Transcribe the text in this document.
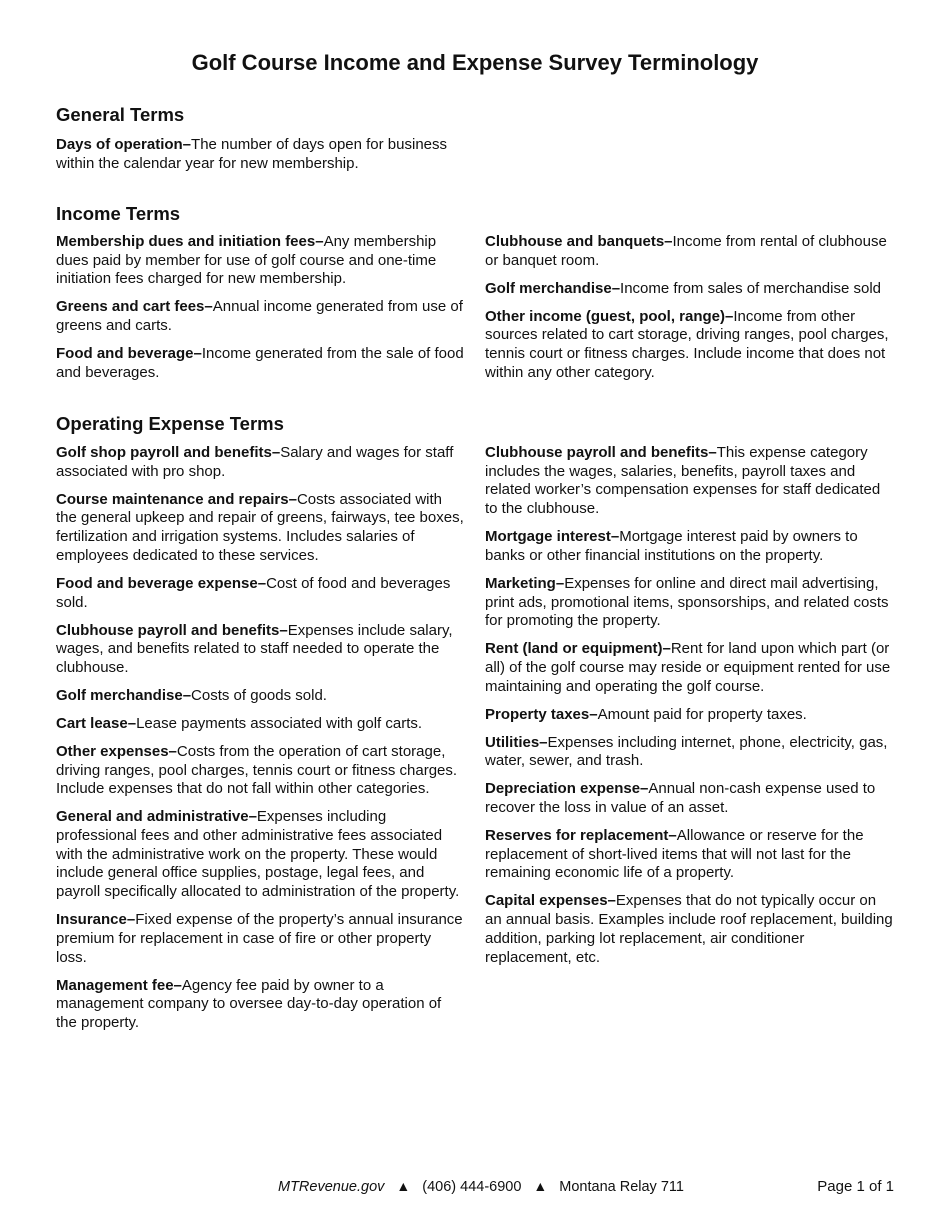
Golf Course Income and Expense Survey Terminology
General Terms

Days of operation–The number of days open for business within the calendar year for new membership.

Income Terms

Membership dues and initiation fees–Any membership dues paid by member for use of golf course and one-time initiation fees charged for new membership.

Greens and cart fees–Annual income generated from use of greens and carts.

Food and beverage–Income generated from the sale of food and beverages.

Clubhouse and banquets–Income from rental of clubhouse or banquet room.

Golf merchandise–Income from sales of merchandise sold

Other income (guest, pool, range)–Income from other sources related to cart storage, driving ranges, pool charges, tennis court or fitness charges. Include income that does not within any other category.

Operating Expense Terms

Golf shop payroll and benefits–Salary and wages for staff associated with pro shop.

Course maintenance and repairs–Costs associated with the general upkeep and repair of greens, fairways, tee boxes, fertilization and irrigation systems. Includes salaries of employees dedicated to these services.

Food and beverage expense–Cost of food and beverages sold.

Clubhouse payroll and benefits–Expenses include salary, wages, and benefits related to staff needed to operate the clubhouse.

Golf merchandise–Costs of goods sold.

Cart lease–Lease payments associated with golf carts.

Other expenses–Costs from the operation of cart storage, driving ranges, pool charges, tennis court or fitness charges. Include expenses that do not fall within other categories.

General and administrative–Expenses including professional fees and other administrative fees associated with the administrative work on the property. These would include general office supplies, postage, legal fees, and payroll specifically allocated to administration of the property.

Insurance–Fixed expense of the property’s annual insurance premium for replacement in case of fire or other property loss.

Management fee–Agency fee paid by owner to a management company to oversee day-to-day operation of the property.

Clubhouse payroll and benefits–This expense category includes the wages, salaries, benefits, payroll taxes and related worker’s compensation expenses for staff dedicated to the clubhouse.

Mortgage interest–Mortgage interest paid by owners to banks or other financial institutions on the property.

Marketing–Expenses for online and direct mail advertising, print ads, promotional items, sponsorships, and related costs for promoting the property.

Rent (land or equipment)–Rent for land upon which part (or all) of the golf course may reside or equipment rented for use maintaining and operating the golf course.

Property taxes–Amount paid for property taxes.

Utilities–Expenses including internet, phone, electricity, gas, water, sewer, and trash.

Depreciation expense–Annual non-cash expense used to recover the loss in value of an asset.

Reserves for replacement–Allowance or reserve for the replacement of short-lived items that will not last for the remaining economic life of a property.

Capital expenses–Expenses that do not typically occur on an annual basis. Examples include roof replacement, building addition, parking lot replacement, air conditioner replacement, etc.

MTRevenue.gov ▲ (406) 444-6900 ▲ Montana Relay 711	Page 1 of 1
